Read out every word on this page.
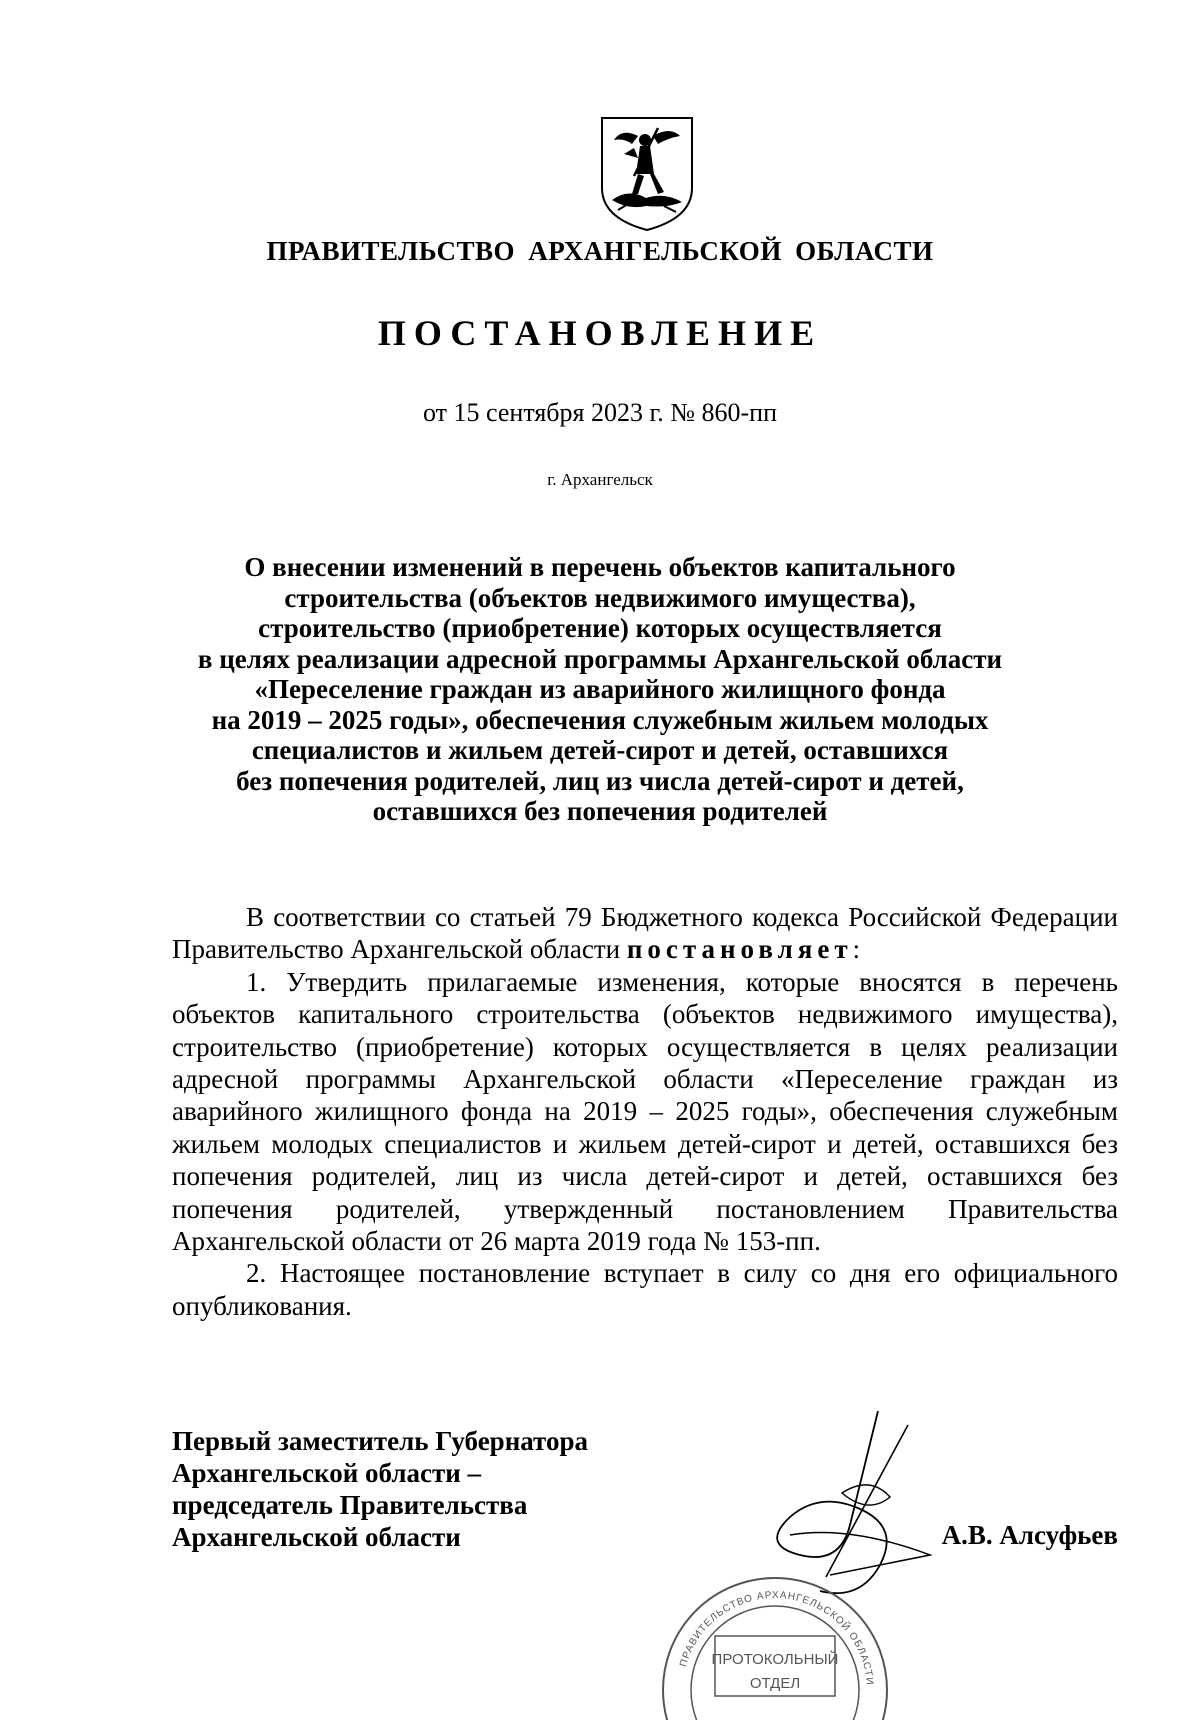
ПРАВИТЕЛЬСТВО АРХАНГЕЛЬСКОЙ ОБЛАСТИ
ПОСТАНОВЛЕНИЕ
от 15 сентября 2023 г. № 860-пп
г. Архангельск
О внесении изменений в перечень объектов капитального
строительства (объектов недвижимого имущества),
строительство (приобретение) которых осуществляется
в целях реализации адресной программы Архангельской области
«Переселение граждан из аварийного жилищного фонда
на 2019 – 2025 годы», обеспечения служебным жильем молодых
специалистов и жильем детей-сирот и детей, оставшихся
без попечения родителей, лиц из числа детей-сирот и детей,
оставшихся без попечения родителей

В соответствии со статьей 79 Бюджетного кодекса Российской Федерации Правительство Архангельской области постановляет:

1. Утвердить прилагаемые изменения, которые вносятся в перечень объектов капитального строительства (объектов недвижимого имущества), строительство (приобретение) которых осуществляется в целях реализации адресной программы Архангельской области «Переселение граждан из аварийного жилищного фонда на 2019 – 2025 годы», обеспечения служебным жильем молодых специалистов и жильем детей-сирот и детей, оставшихся без попечения родителей, лиц из числа детей-сирот и детей, оставшихся без попечения родителей, утвержденный постановлением Правительства Архангельской области от 26 марта 2019 года № 153-пп.

2. Настоящее постановление вступает в силу со дня его официального опубликования.

Первый заместитель Губернатора
Архангельской области –
председатель Правительства
Архангельской области	А.В. Алсуфьев
ПРАВИТЕЛЬСТВО АРХАНГЕЛЬСКОЙ ОБЛАСТИ
ПРОТОКОЛЬНЫЙ
ОТДЕЛ
